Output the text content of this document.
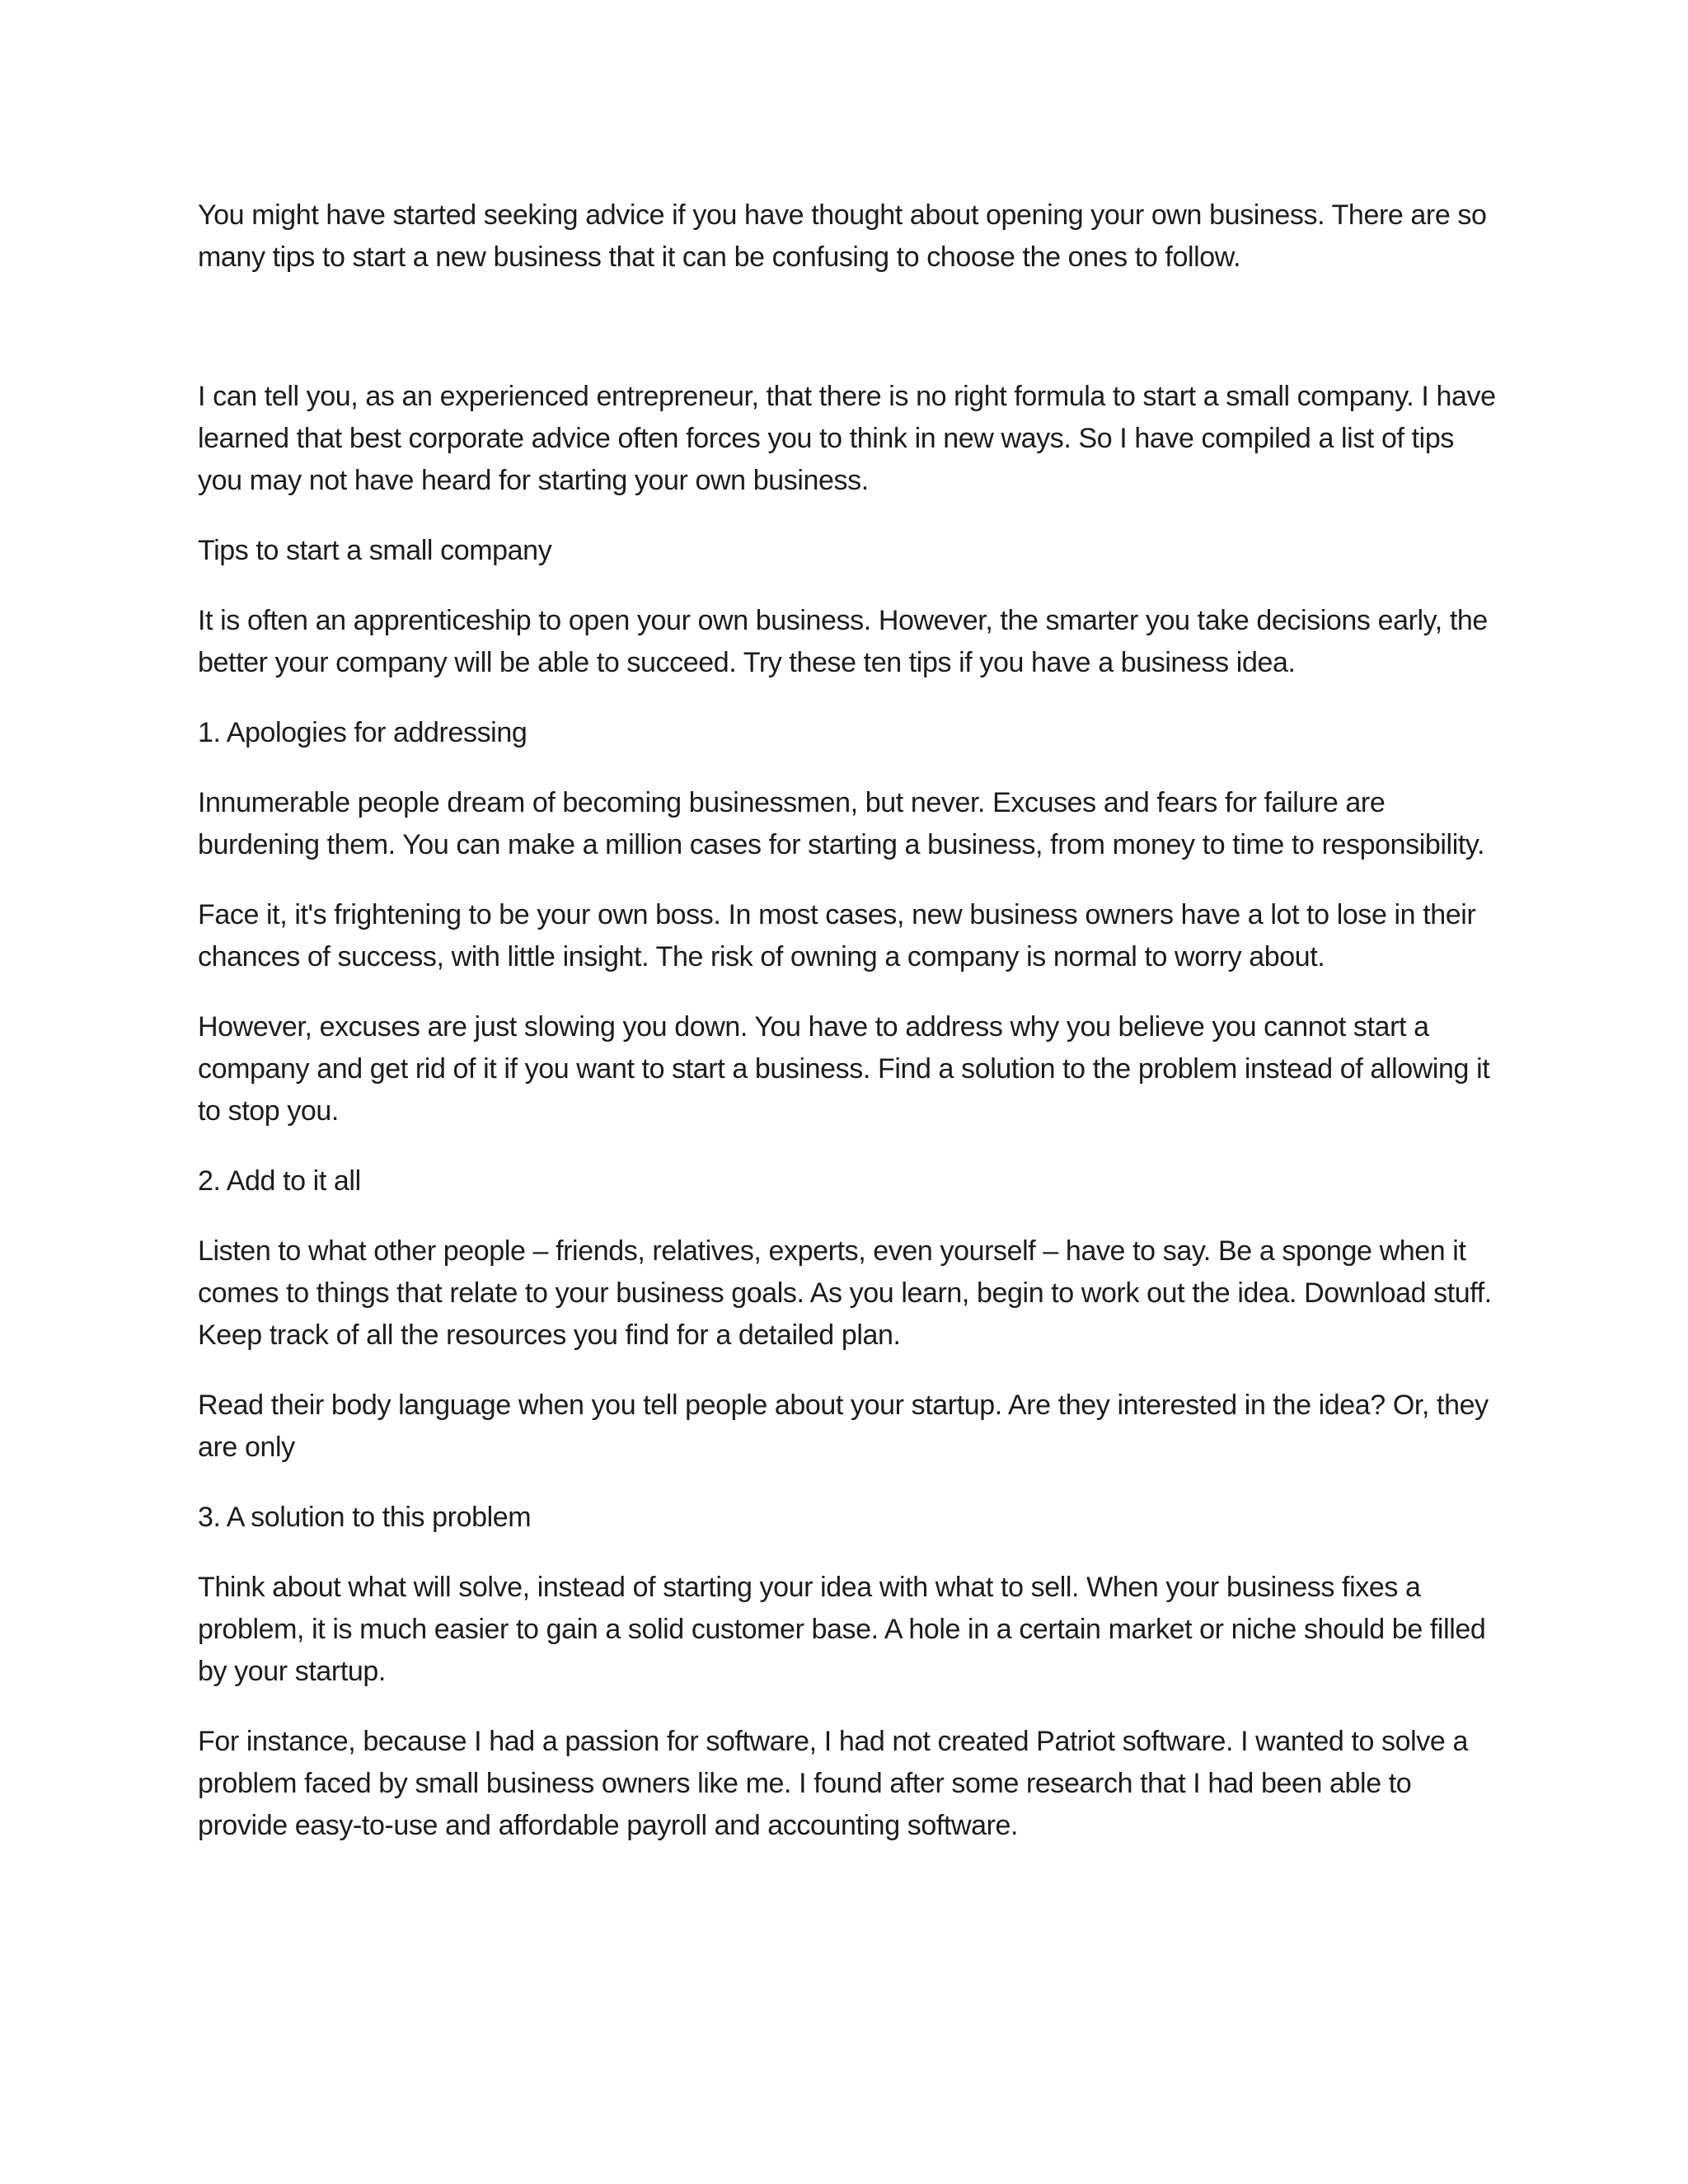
You might have started seeking advice if you have thought about opening your own business. There are so many tips to start a new business that it can be confusing to choose the ones to follow.

I can tell you, as an experienced entrepreneur, that there is no right formula to start a small company. I have learned that best corporate advice often forces you to think in new ways. So I have compiled a list of tips you may not have heard for starting your own business.

Tips to start a small company

It is often an apprenticeship to open your own business. However, the smarter you take decisions early, the better your company will be able to succeed. Try these ten tips if you have a business idea.

1. Apologies for addressing

Innumerable people dream of becoming businessmen, but never. Excuses and fears for failure are burdening them. You can make a million cases for starting a business, from money to time to responsibility.

Face it, it's frightening to be your own boss. In most cases, new business owners have a lot to lose in their chances of success, with little insight. The risk of owning a company is normal to worry about.

However, excuses are just slowing you down. You have to address why you believe you cannot start a company and get rid of it if you want to start a business. Find a solution to the problem instead of allowing it to stop you.

2. Add to it all

Listen to what other people – friends, relatives, experts, even yourself – have to say. Be a sponge when it comes to things that relate to your business goals. As you learn, begin to work out the idea. Download stuff. Keep track of all the resources you find for a detailed plan.

Read their body language when you tell people about your startup. Are they interested in the idea? Or, they are only

3. A solution to this problem

Think about what will solve, instead of starting your idea with what to sell. When your business fixes a problem, it is much easier to gain a solid customer base. A hole in a certain market or niche should be filled by your startup.

For instance, because I had a passion for software, I had not created Patriot software. I wanted to solve a problem faced by small business owners like me. I found after some research that I had been able to provide easy-to-use and affordable payroll and accounting software.
